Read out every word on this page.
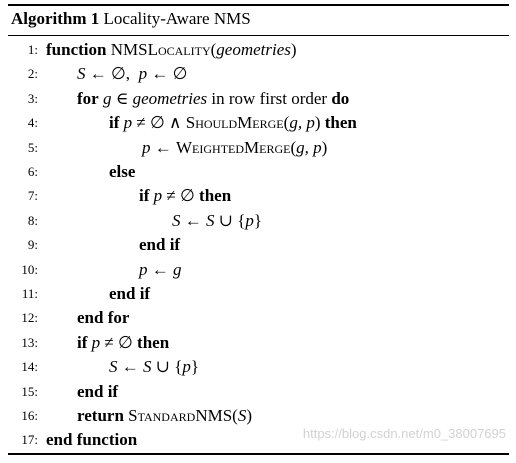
Algorithm 1 Locality-Aware NMS
1: function NMSLocality(geometries)
2: S ← ∅,  p ← ∅
3: for g ∈ geometries in row first order do
4:	if p ≠ ∅ ∧ ShouldMerge(g, p) then
5:	p ← WeightedMerge(g, p)
6:	else
7:	if p ≠ ∅ then
8:	S ← S ∪ {p}
9:	end if
10:	p ← g
11:	end if
12: end for
13: if p ≠ ∅ then
14:	S ← S ∪ {p}
15: end if
16: return StandardNMS(S)
17: end function	https://blog.csdn.net/m0_38007695
